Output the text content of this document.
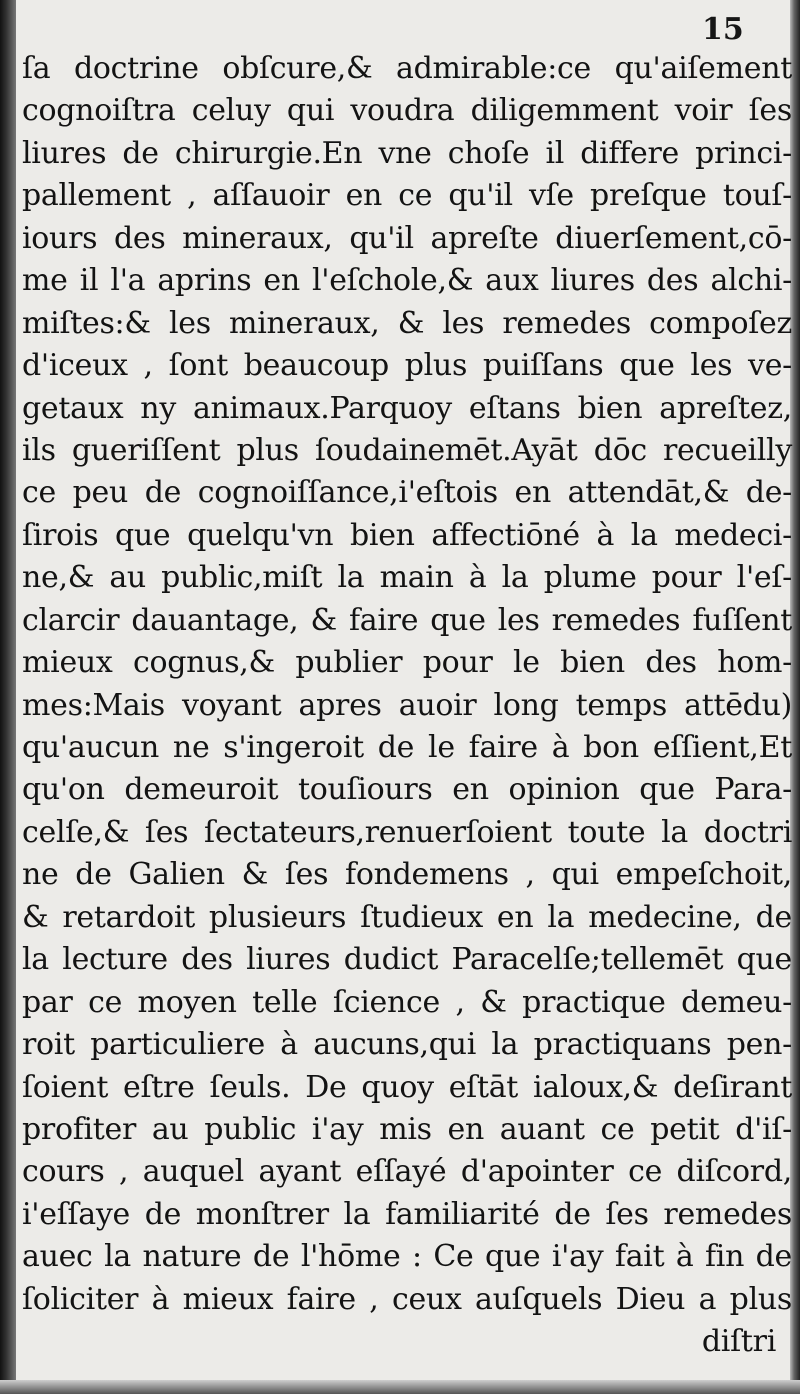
15
ſa doctrine obſcure,& admirable:ce qu'aiſement
cognoiſtra celuy qui voudra diligemment voir ſes
liures de chirurgie.En vne choſe il differe princi-
pallement , aſſauoir en ce qu'il vſe preſque touſ-
iours des mineraux, qu'il apreſte diuerſement,cō-
me il l'a aprins en l'eſchole,& aux liures des alchi-
miſtes:& les mineraux, & les remedes compoſez
d'iceux , ſont beaucoup plus puiſſans que les ve-
getaux ny animaux.Parquoy eſtans bien apreſtez,
ils gueriſſent plus ſoudainemēt.Ayāt dōc recueilly
ce peu de cognoiſſance,i'eſtois en attendāt,& de-
ſirois que quelqu'vn bien affectiōné à la medeci-
ne,& au public,miſt la main à la plume pour l'eſ-
clarcir dauantage, & faire que les remedes fuſſent
mieux cognus,& publier pour le bien des hom-
mes:Mais voyant apres auoir long temps attēdu)
qu'aucun ne s'ingeroit de le faire à bon eſſient,Et
qu'on demeuroit touſiours en opinion que Para-
celſe,& ſes ſectateurs,renuerſoient toute la doctri
ne de Galien & ſes fondemens , qui empeſchoit,
& retardoit plusieurs ſtudieux en la medecine, de
la lecture des liures dudict Paracelſe;tellemēt que
par ce moyen telle ſcience , & practique demeu-
roit particuliere à aucuns,qui la practiquans pen-
ſoient eſtre ſeuls. De quoy eſtāt ialoux,& deſirant
profiter au public i'ay mis en auant ce petit d'iſ-
cours , auquel ayant eſſayé d'apointer ce diſcord,
i'eſſaye de monſtrer la familiarité de ſes remedes
auec la nature de l'hōme : Ce que i'ay fait à fin de
ſoliciter à mieux faire , ceux auſquels Dieu a plus
diſtri
